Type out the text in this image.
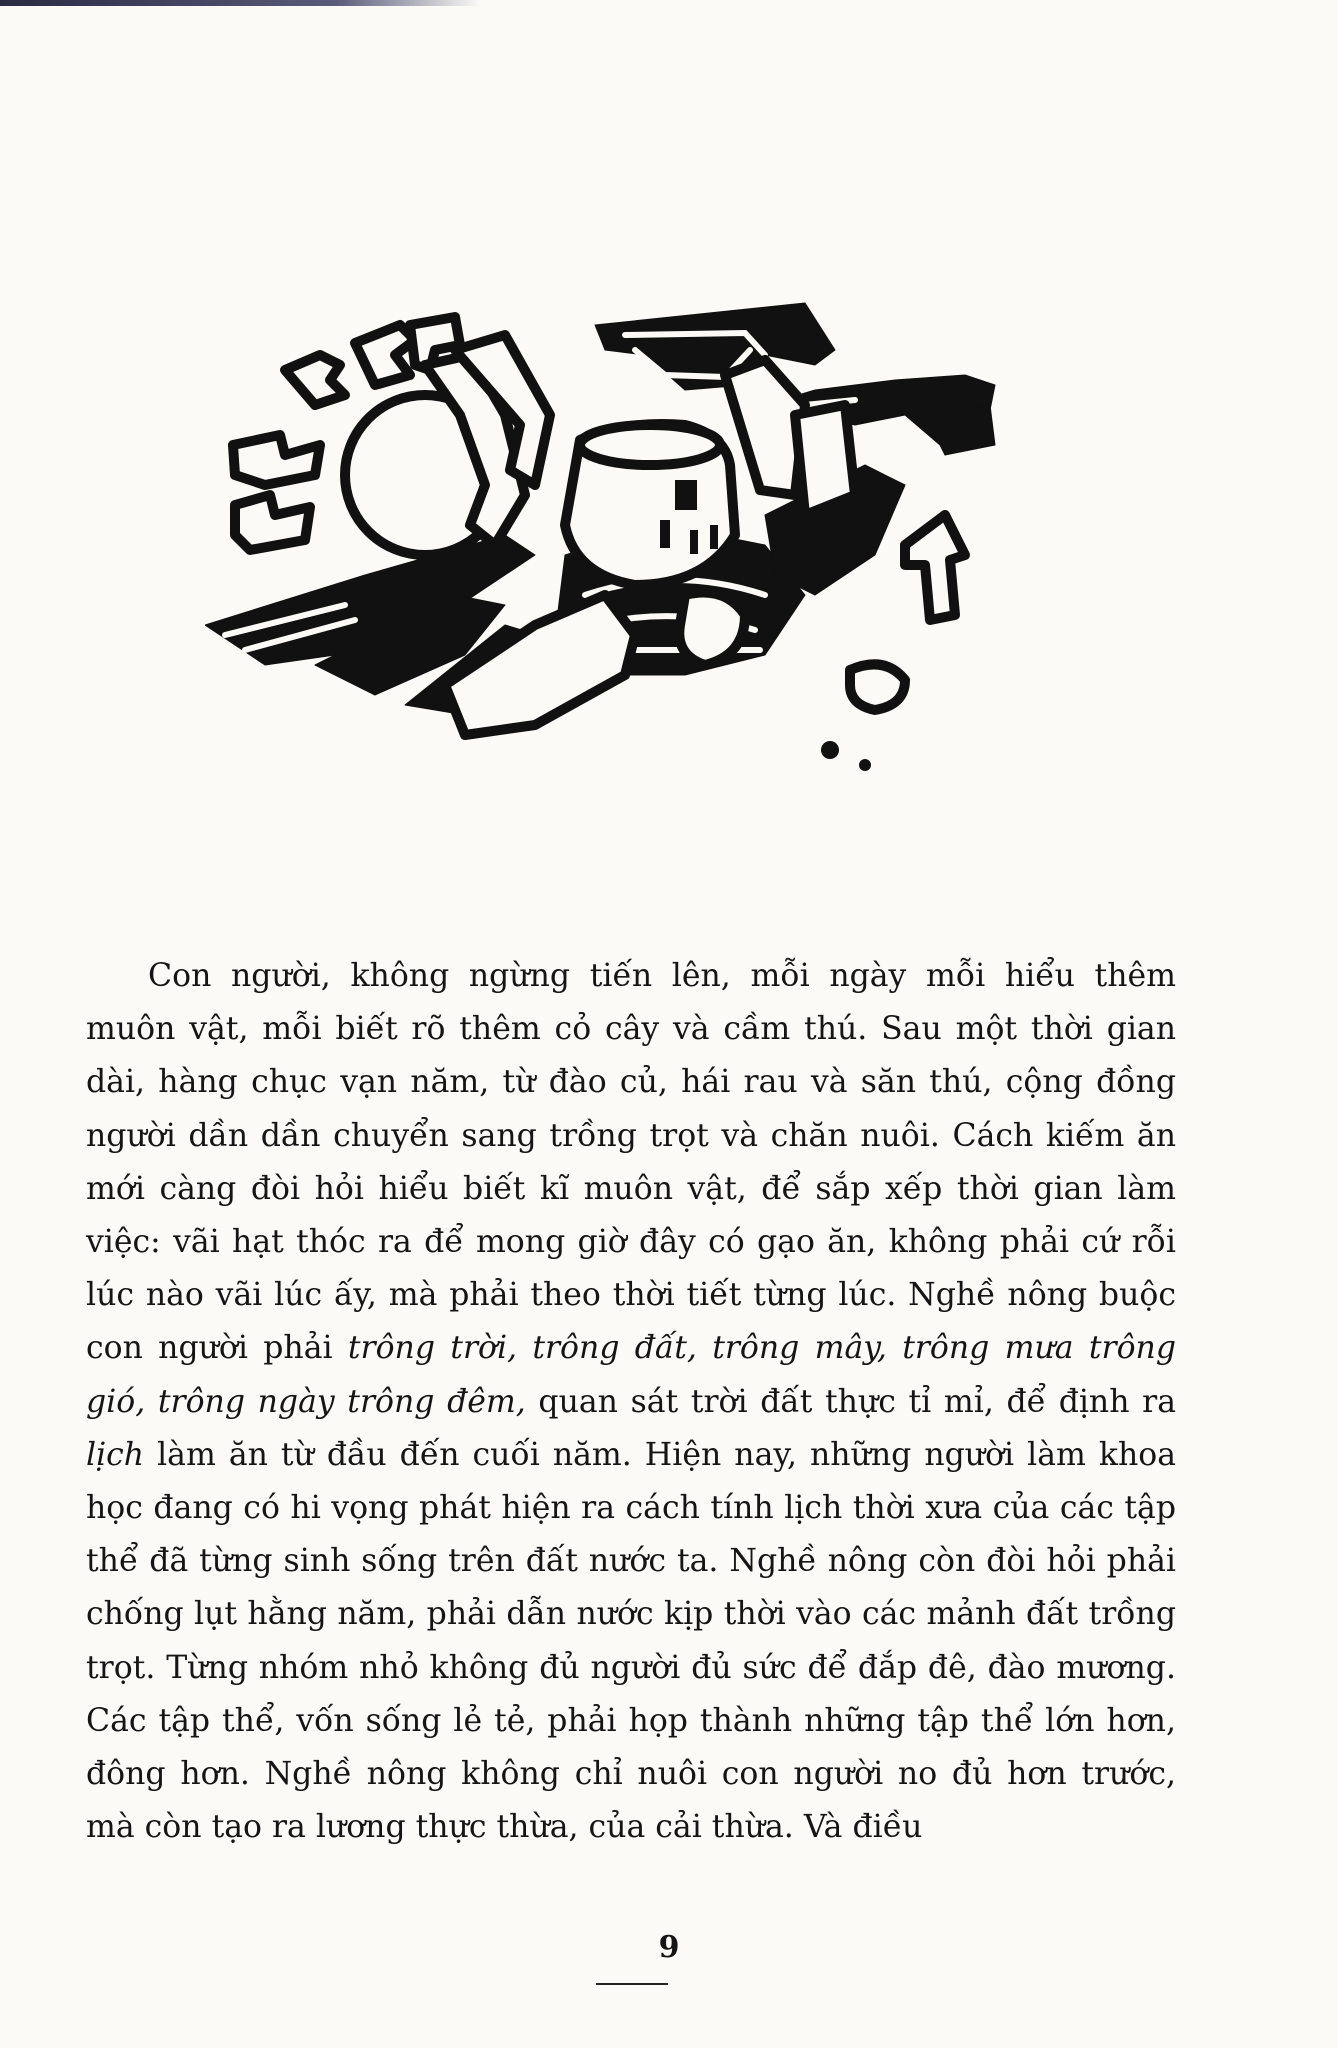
Con người, không ngừng tiến lên, mỗi ngày mỗi hiểu thêm muôn vật, mỗi biết rõ thêm cỏ cây và cầm thú. Sau một thời gian dài, hàng chục vạn năm, từ đào củ, hái rau và săn thú, cộng đồng người dần dần chuyển sang trồng trọt và chăn nuôi. Cách kiếm ăn mới càng đòi hỏi hiểu biết kĩ muôn vật, để sắp xếp thời gian làm việc: vãi hạt thóc ra để mong giờ đây có gạo ăn, không phải cứ rỗi lúc nào vãi lúc ấy, mà phải theo thời tiết từng lúc. Nghề nông buộc con người phải trông trời, trông đất, trông mây, trông mưa trông gió, trông ngày trông đêm, quan sát trời đất thực tỉ mỉ, để định ra lịch làm ăn từ đầu đến cuối năm. Hiện nay, những người làm khoa học đang có hi vọng phát hiện ra cách tính lịch thời xưa của các tập thể đã từng sinh sống trên đất nước ta. Nghề nông còn đòi hỏi phải chống lụt hằng năm, phải dẫn nước kịp thời vào các mảnh đất trồng trọt. Từng nhóm nhỏ không đủ người đủ sức để đắp đê, đào mương. Các tập thể, vốn sống lẻ tẻ, phải họp thành những tập thể lớn hơn, đông hơn. Nghề nông không chỉ nuôi con người no đủ hơn trước, mà còn tạo ra lương thực thừa, của cải thừa. Và điều

9
